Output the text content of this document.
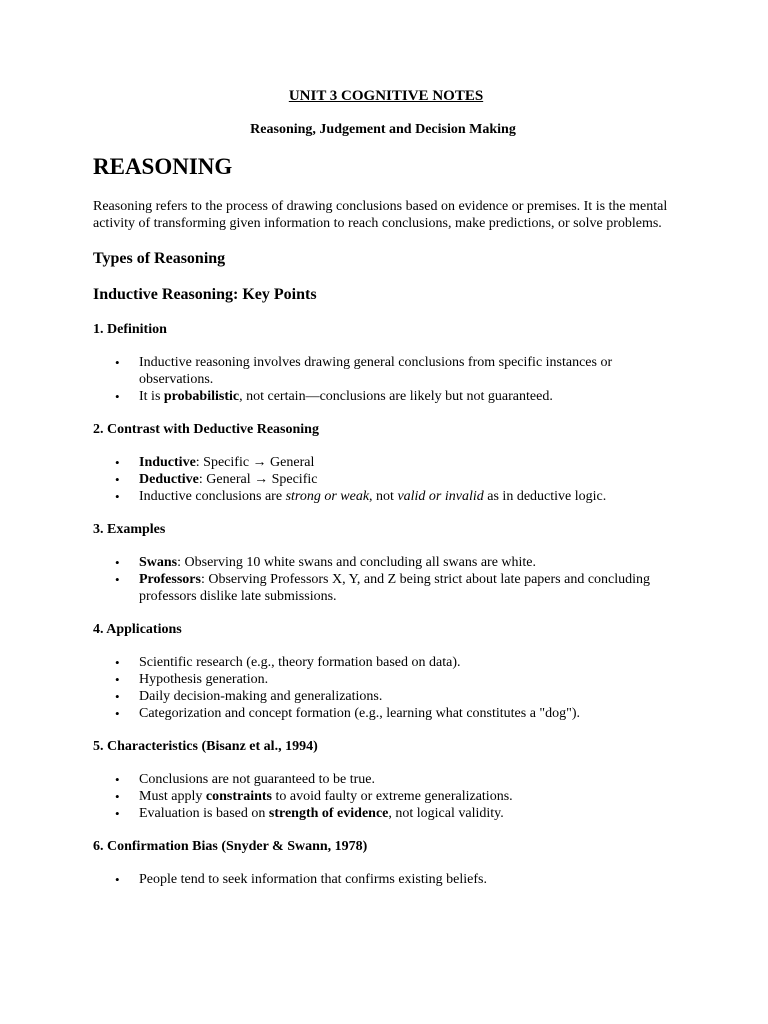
UNIT 3 COGNITIVE NOTES
Reasoning, Judgement and Decision Making
REASONING

Reasoning refers to the process of drawing conclusions based on evidence or premises. It is the mental activity of transforming given information to reach conclusions, make predictions, or solve problems.

Types of Reasoning
Inductive Reasoning: Key Points
1. Definition
• Inductive reasoning involves drawing general conclusions from specific instances or observations.
• It is probabilistic, not certain—conclusions are likely but not guaranteed.
2. Contrast with Deductive Reasoning
• Inductive: Specific → General
• Deductive: General → Specific
• Inductive conclusions are strong or weak, not valid or invalid as in deductive logic.
3. Examples
• Swans: Observing 10 white swans and concluding all swans are white.
• Professors: Observing Professors X, Y, and Z being strict about late papers and concluding professors dislike late submissions.
4. Applications
• Scientific research (e.g., theory formation based on data).
• Hypothesis generation.
• Daily decision-making and generalizations.
• Categorization and concept formation (e.g., learning what constitutes a "dog").
5. Characteristics (Bisanz et al., 1994)
• Conclusions are not guaranteed to be true.
• Must apply constraints to avoid faulty or extreme generalizations.
• Evaluation is based on strength of evidence, not logical validity.
6. Confirmation Bias (Snyder & Swann, 1978)
• People tend to seek information that confirms existing beliefs.
